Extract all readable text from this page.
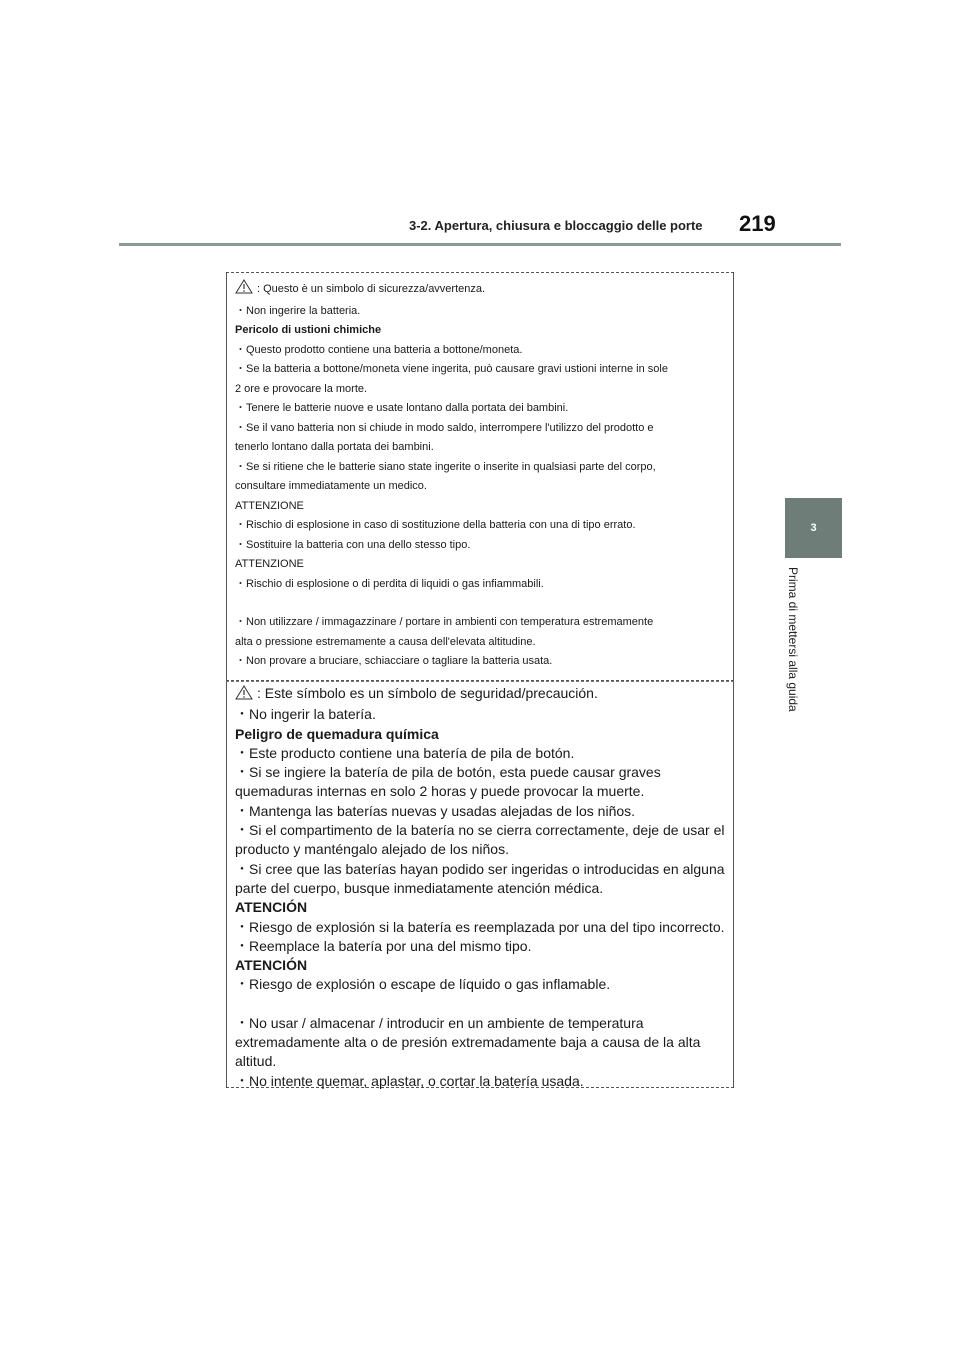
3-2. Apertura, chiusura e bloccaggio delle porte 219
3
Prima di mettersi alla guida
: Questo è un simbolo di sicurezza/avvertenza.
・Non ingerire la batteria.
Pericolo di ustioni chimiche
・Questo prodotto contiene una batteria a bottone/moneta.
・Se la batteria a bottone/moneta viene ingerita, può causare gravi ustioni interne in sole
2 ore e provocare la morte.
・Tenere le batterie nuove e usate lontano dalla portata dei bambini.
・Se il vano batteria non si chiude in modo saldo, interrompere l'utilizzo del prodotto e
tenerlo lontano dalla portata dei bambini.
・Se si ritiene che le batterie siano state ingerite o inserite in qualsiasi parte del corpo,
consultare immediatamente un medico.
ATTENZIONE
・Rischio di esplosione in caso di sostituzione della batteria con una di tipo errato.
・Sostituire la batteria con una dello stesso tipo.
ATTENZIONE
・Rischio di esplosione o di perdita di liquidi o gas infiammabili.
・Non utilizzare / immagazzinare / portare in ambienti con temperatura estremamente
alta o pressione estremamente a causa dell'elevata altitudine.
・Non provare a bruciare, schiacciare o tagliare la batteria usata.
: Este símbolo es un símbolo de seguridad/precaución.
・No ingerir la batería.
Peligro de quemadura química
・Este producto contiene una batería de pila de botón.
・Si se ingiere la batería de pila de botón, esta puede causar graves
quemaduras internas en solo 2 horas y puede provocar la muerte.
・Mantenga las baterías nuevas y usadas alejadas de los niños.
・Si el compartimento de la batería no se cierra correctamente, deje de usar el
producto y manténgalo alejado de los niños.
・Si cree que las baterías hayan podido ser ingeridas o introducidas en alguna
parte del cuerpo, busque inmediatamente atención médica.
ATENCIÓN
・Riesgo de explosión si la batería es reemplazada por una del tipo incorrecto.
・Reemplace la batería por una del mismo tipo.
ATENCIÓN
・Riesgo de explosión o escape de líquido o gas inflamable.
・No usar / almacenar / introducir en un ambiente de temperatura
extremadamente alta o de presión extremadamente baja a causa de la alta
altitud.
・No intente quemar, aplastar, o cortar la batería usada.
